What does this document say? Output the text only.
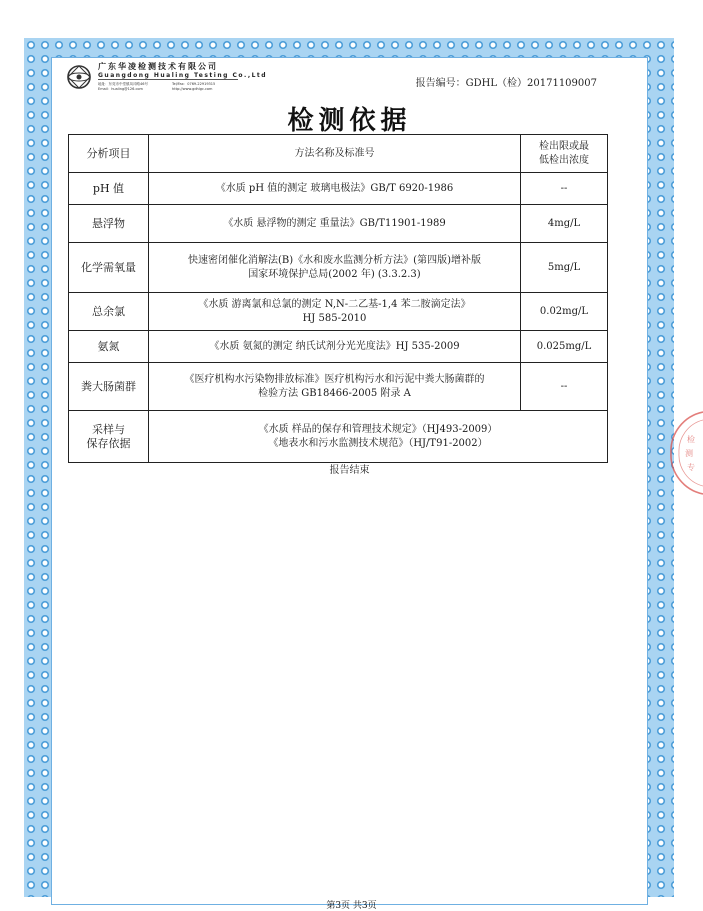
广东华凌检测技术有限公司
Guangdong Hualing Testing Co.,Ltd
地址：东莞市中堂镇凤冲路46号	Tel/Fax：0769-22919315
Email：hualing@126.com	http://www.gdhlgc.com	报告编号：GDHL（检）20171109007
检测依据
分析项目	方法名称及标准号	检出限或最
低检出浓度
pH 值	《水质 pH 值的测定 玻璃电极法》GB/T 6920-1986	--
悬浮物	《水质 悬浮物的测定 重量法》GB/T11901-1989	4mg/L
化学需氧量	快速密闭催化消解法(B)《水和废水监测分析方法》(第四版)增补版
国家环境保护总局(2002 年) (3.3.2.3)	5mg/L
总余氯	《水质 游离氯和总氯的测定 N,N-二乙基-1,4 苯二胺滴定法》
HJ 585-2010	0.02mg/L
氨氮	《水质 氨氮的测定 纳氏试剂分光光度法》HJ 535-2009	0.025mg/L
粪大肠菌群	《医疗机构水污染物排放标准》医疗机构污水和污泥中粪大肠菌群的
检验方法 GB18466-2005 附录 A	--
采样与
保存依据	《水质 样品的保存和管理技术规定》（HJ493-2009）
《地表水和污水监测技术规范》（HJ/T91-2002）	
报告结束
检
测
专
第3页 共3页
